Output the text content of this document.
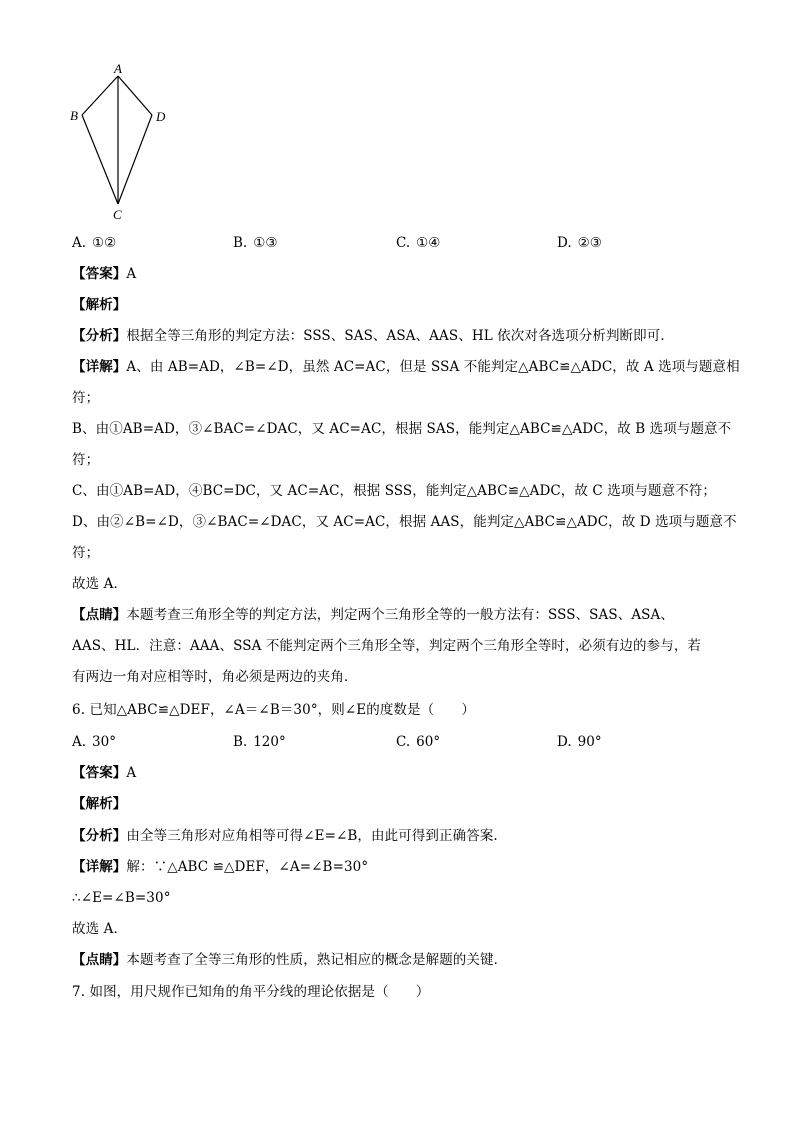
A
B	D
C
A. ①②	B. ①③	C. ①④	D. ②③
【答案】A
【解析】
【分析】根据全等三角形的判定方法：SSS、SAS、ASA、AAS、HL 依次对各选项分析判断即可．
【详解】A、由 AB=AD，∠B=∠D，虽然 AC=AC，但是 SSA 不能判定△ABC≌△ADC，故 A 选项与题意相
符；
B、由①AB=AD，③∠BAC=∠DAC，又 AC=AC，根据 SAS，能判定△ABC≌△ADC，故 B 选项与题意不
符；
C、由①AB=AD，④BC=DC，又 AC=AC，根据 SSS，能判定△ABC≌△ADC，故 C 选项与题意不符；
D、由②∠B=∠D，③∠BAC=∠DAC，又 AC=AC，根据 AAS，能判定△ABC≌△ADC，故 D 选项与题意不
符；
故选 A．
【点睛】本题考查三角形全等的判定方法，判定两个三角形全等的一般方法有：SSS、SAS、ASA、
AAS、HL．注意：AAA、SSA 不能判定两个三角形全等，判定两个三角形全等时，必须有边的参与，若
有两边一角对应相等时，角必须是两边的夹角．
6. 已知△ABC≌△DEF，∠A＝∠B＝30°，则∠E的度数是（　　）
A. 30°	B. 120°	C. 60°	D. 90°
【答案】A
【解析】
【分析】由全等三角形对应角相等可得∠E=∠B，由此可得到正确答案.
【详解】解：∵△ABC ≌△DEF，∠A=∠B=30°
∴∠E=∠B=30°
故选 A．
【点睛】本题考查了全等三角形的性质，熟记相应的概念是解题的关键．
7. 如图，用尺规作已知角的角平分线的理论依据是（　　）
